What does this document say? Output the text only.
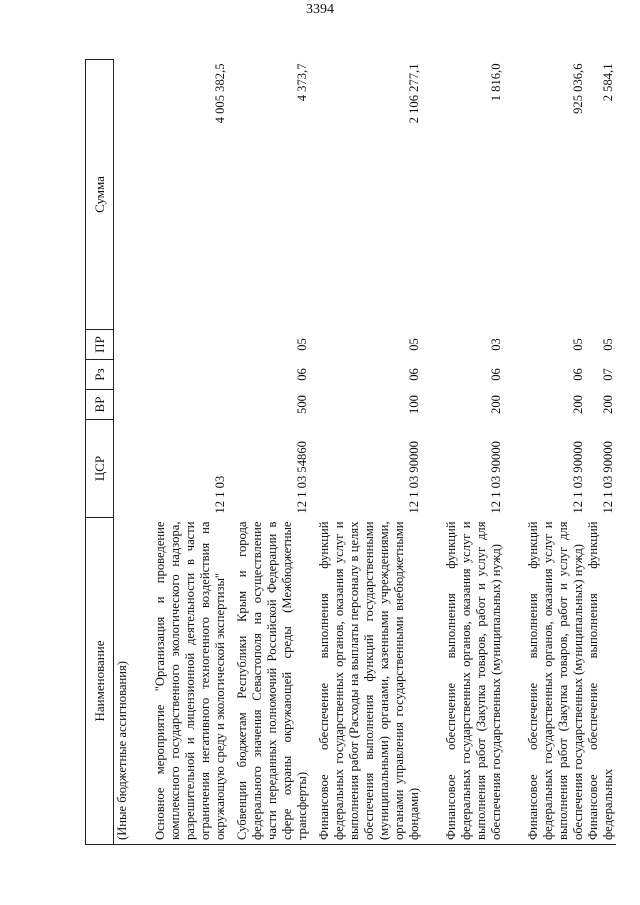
3394
Наименование	ЦСР	ВР	Рз	ПР	Сумма
(Иные бюджетные ассигнования)					
Основное мероприятие "Организация и проведение комплексного государственного экологического надзора, разрешительной и лицензионной деятельности в части ограничения негативного техногенного воздействия на окружающую среду и экологической экспертизы"	12 1 03				4 005 382,5
Субвенции бюджетам Республики Крым и города федерального значения Севастополя на осуществление части переданных полномочий Российской Федерации в сфере охраны окружающей среды (Межбюджетные трансферты)	12 1 03 54860	500	06	05	4 373,7
Финансовое обеспечение выполнения функций федеральных государственных органов, оказания услуг и выполнения работ (Расходы на выплаты персоналу в целях обеспечения выполнения функций государственными (муниципальными) органами, казенными учреждениями, органами управления государственными внебюджетными фондами)	12 1 03 90000	100	06	05	2 106 277,1
Финансовое обеспечение выполнения функций федеральных государственных органов, оказания услуг и выполнения работ (Закупка товаров, работ и услуг для обеспечения государственных (муниципальных) нужд)	12 1 03 90000	200	06	03	1 816,0
Финансовое обеспечение выполнения функций федеральных государственных органов, оказания услуг и выполнения работ (Закупка товаров, работ и услуг для обеспечения государственных (муниципальных) нужд)	12 1 03 90000	200	06	05	925 036,6
Финансовое обеспечение выполнения функций федеральных	12 1 03 90000	200	07	05	2 584,1
